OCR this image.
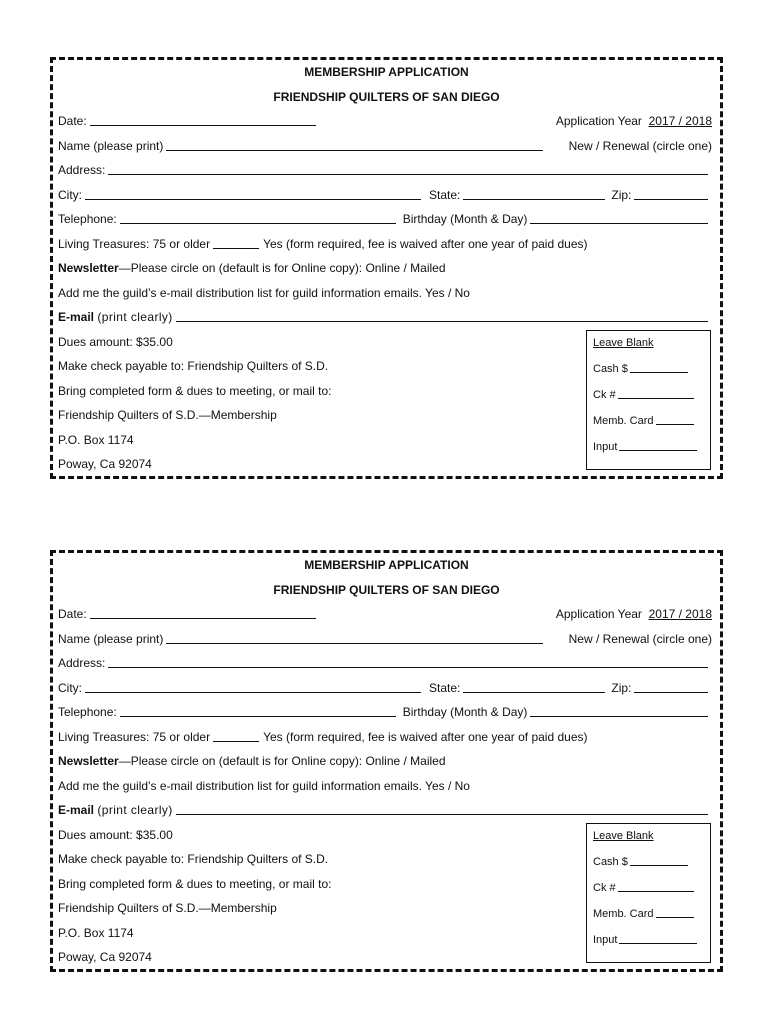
MEMBERSHIP APPLICATION
FRIENDSHIP QUILTERS OF SAN DIEGO
Date:	Application Year
2017 / 2018
Name (please print)	New / Renewal (circle one)
Address:
City:	State:	Zip:
Telephone:	Birthday (Month & Day)
Living Treasures: 75 or older	Yes (form required, fee is waived after one year of paid dues)
Newsletter —Please circle on (default is for Online copy): Online / Mailed
Add me the guild’s e-mail distribution list for guild information emails. Yes / No
E-mail
(print clearly)
Dues amount: $35.00
Make check payable to: Friendship Quilters of S.D.
Bring completed form & dues to meeting, or mail to:
Friendship Quilters of S.D.—Membership
P.O. Box 1174
Poway, Ca 92074
Leave Blank
Cash $
Ck #
Memb. Card
Input
MEMBERSHIP APPLICATION
FRIENDSHIP QUILTERS OF SAN DIEGO
Date:	Application Year
2017 / 2018
Name (please print)	New / Renewal (circle one)
Address:
City:	State:	Zip:
Telephone:	Birthday (Month & Day)
Living Treasures: 75 or older	Yes (form required, fee is waived after one year of paid dues)
Newsletter —Please circle on (default is for Online copy): Online / Mailed
Add me the guild’s e-mail distribution list for guild information emails. Yes / No
E-mail
(print clearly)
Dues amount: $35.00
Make check payable to: Friendship Quilters of S.D.
Bring completed form & dues to meeting, or mail to:
Friendship Quilters of S.D.—Membership
P.O. Box 1174
Poway, Ca 92074
Leave Blank
Cash $
Ck #
Memb. Card
Input
